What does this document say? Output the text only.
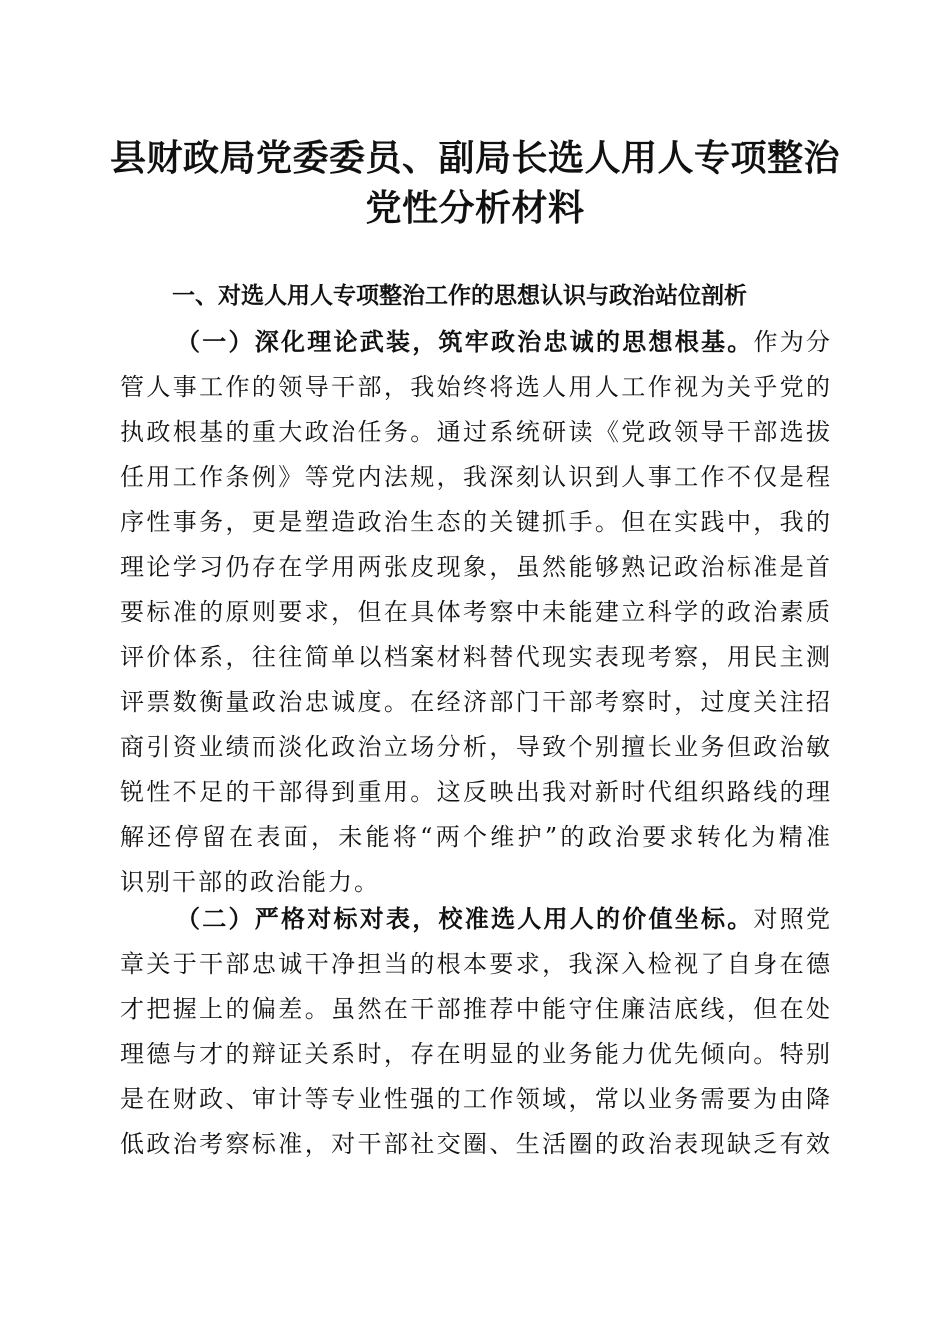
县财政局党委委员、副局长选人用人专项整治
党性分析材料
一、对选人用人专项整治工作的思想认识与政治站位剖析
（一）深化理论武装，筑牢政治忠诚的思想根基。作为分
管人事工作的领导干部，我始终将选人用人工作视为关乎党的
执政根基的重大政治任务。通过系统研读《党政领导干部选拔
任用工作条例》等党内法规，我深刻认识到人事工作不仅是程
序性事务，更是塑造政治生态的关键抓手。但在实践中，我的
理论学习仍存在学用两张皮现象，虽然能够熟记政治标准是首
要标准的原则要求，但在具体考察中未能建立科学的政治素质
评价体系，往往简单以档案材料替代现实表现考察，用民主测
评票数衡量政治忠诚度。在经济部门干部考察时，过度关注招
商引资业绩而淡化政治立场分析，导致个别擅长业务但政治敏
锐性不足的干部得到重用。这反映出我对新时代组织路线的理
解还停留在表面，未能将“两个维护”的政治要求转化为精准
识别干部的政治能力。
（二）严格对标对表，校准选人用人的价值坐标。对照党
章关于干部忠诚干净担当的根本要求，我深入检视了自身在德
才把握上的偏差。虽然在干部推荐中能守住廉洁底线，但在处
理德与才的辩证关系时，存在明显的业务能力优先倾向。特别
是在财政、审计等专业性强的工作领域，常以业务需要为由降
低政治考察标准，对干部社交圈、生活圈的政治表现缺乏有效
